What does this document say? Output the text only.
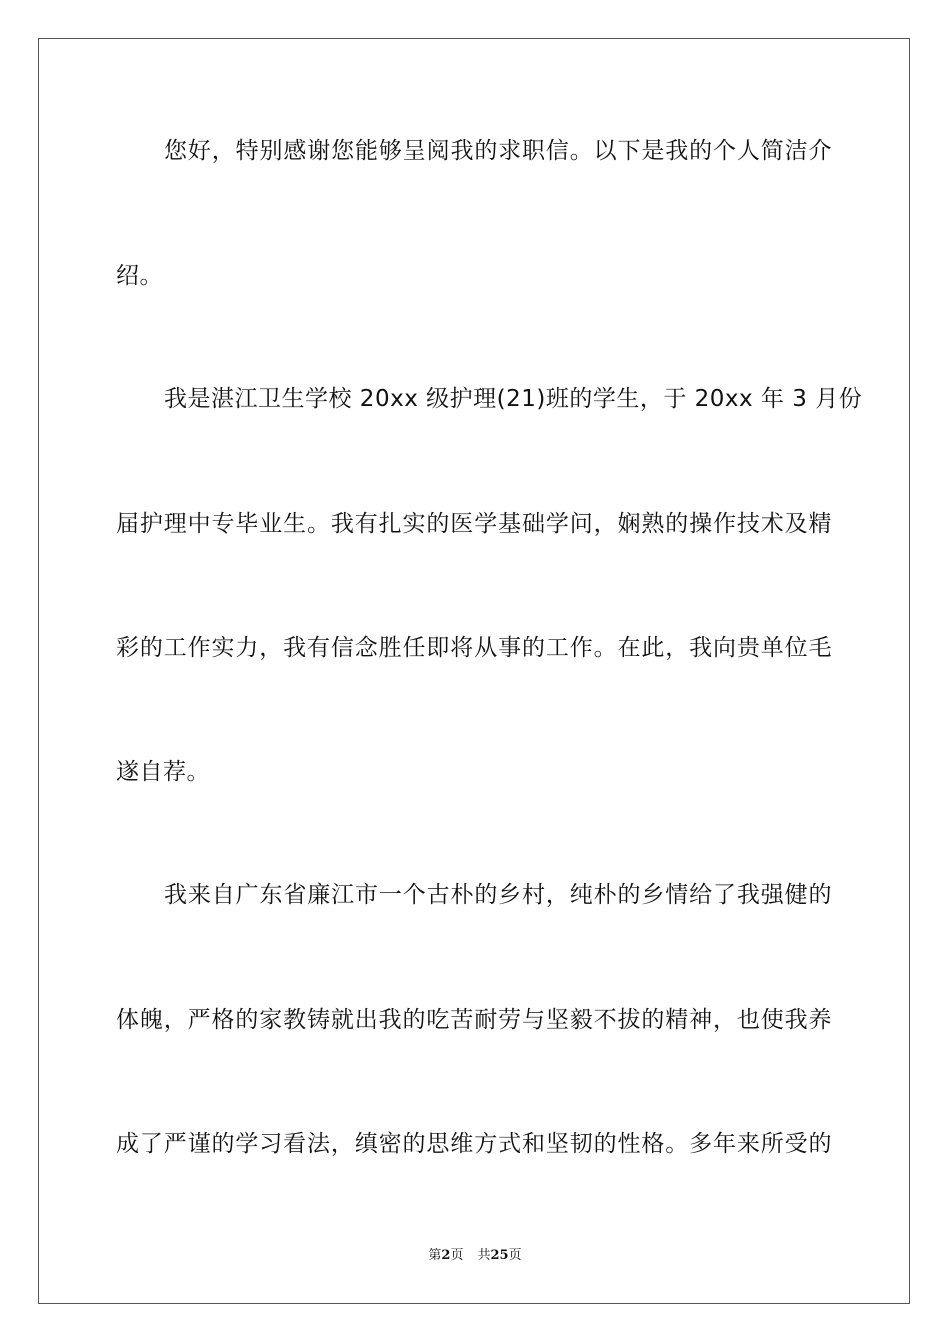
您好，特别感谢您能够呈阅我的求职信。以下是我的个人简洁介
绍。
我是湛江卫生学校 20xx 级护理(21)班的学生，于 20xx 年 3 月份
届护理中专毕业生。我有扎实的医学基础学问，娴熟的操作技术及精
彩的工作实力，我有信念胜任即将从事的工作。在此，我向贵单位毛
遂自荐。
我来自广东省廉江市一个古朴的乡村，纯朴的乡情给了我强健的
体魄，严格的家教铸就出我的吃苦耐劳与坚毅不拔的精神，也使我养
成了严谨的学习看法，缜密的思维方式和坚韧的性格。多年来所受的
第2页 共25页
